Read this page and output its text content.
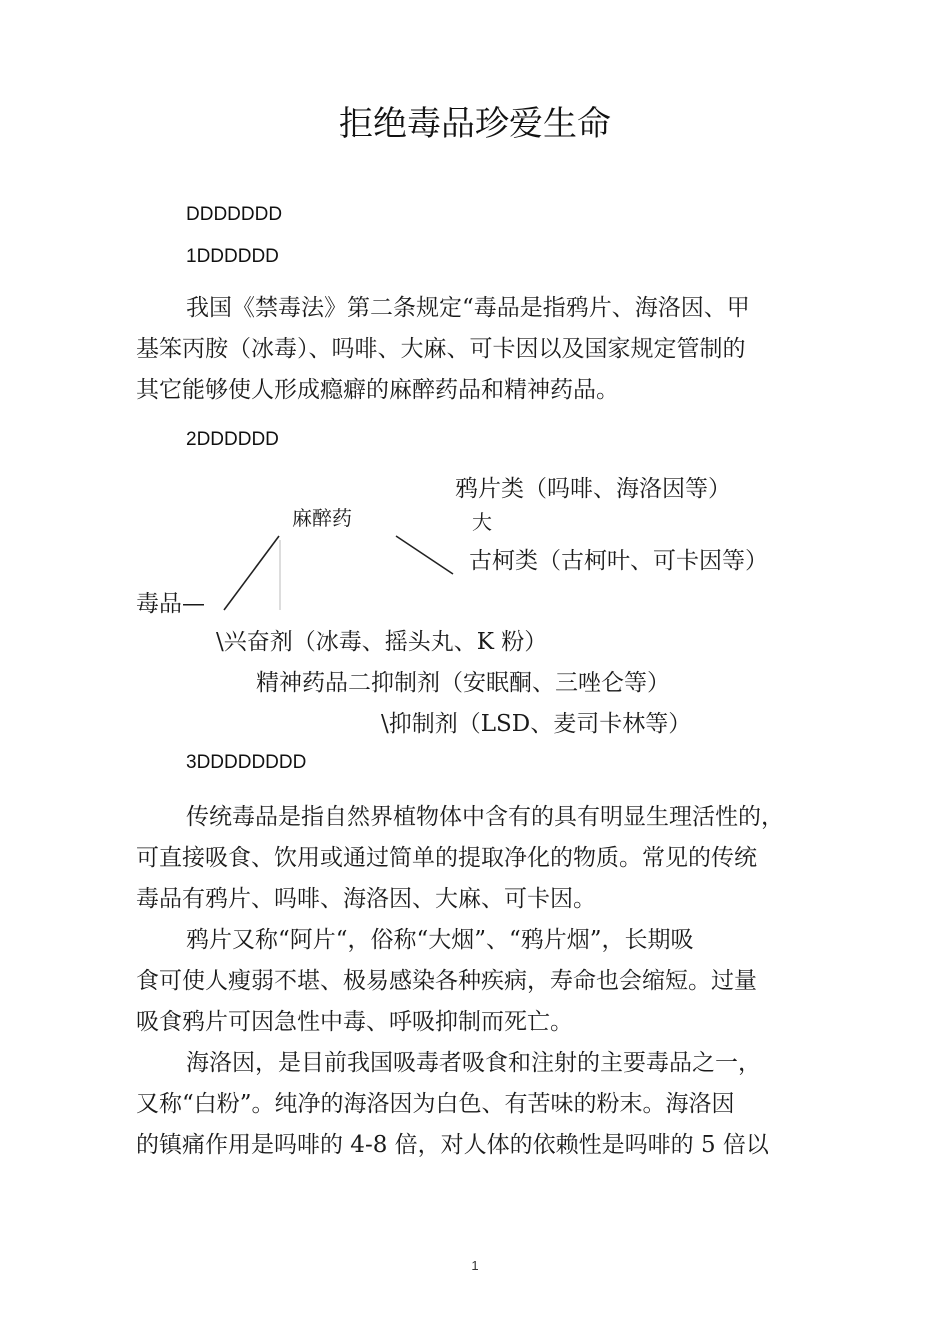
拒绝毒品珍爱生命
DDDDDDD
1DDDDDD

我国《禁毒法》第二条规定“毒品是指鸦片、海洛因、甲

基笨丙胺（冰毒）、吗啡、大麻、可卡因以及国家规定管制的

其它能够使人形成瘾癖的麻醉药品和精神药品。

2DDDDDD
鸦片类（吗啡、海洛因等）
麻醉药	大
古柯类（古柯叶、可卡因等）
毒品—
\兴奋剂（冰毒、摇头丸、K 粉）
精神药品二抑制剂（安眠酮、三唑仑等）
\抑制剂（LSD、麦司卡林等）
3DDDDDDDD

传统毒品是指自然界植物体中含有的具有明显生理活性的，

可直接吸食、饮用或通过简单的提取净化的物质。常见的传统

毒品有鸦片、吗啡、海洛因、大麻、可卡因。

鸦片又称“阿片“，俗称“大烟”、“鸦片烟”，长期吸

食可使人瘦弱不堪、极易感染各种疾病，寿命也会缩短。过量

吸食鸦片可因急性中毒、呼吸抑制而死亡。

海洛因，是目前我国吸毒者吸食和注射的主要毒品之一，

又称“白粉”。纯净的海洛因为白色、有苦味的粉末。海洛因

的镇痛作用是吗啡的 4-8 倍，对人体的依赖性是吗啡的 5 倍以

1
